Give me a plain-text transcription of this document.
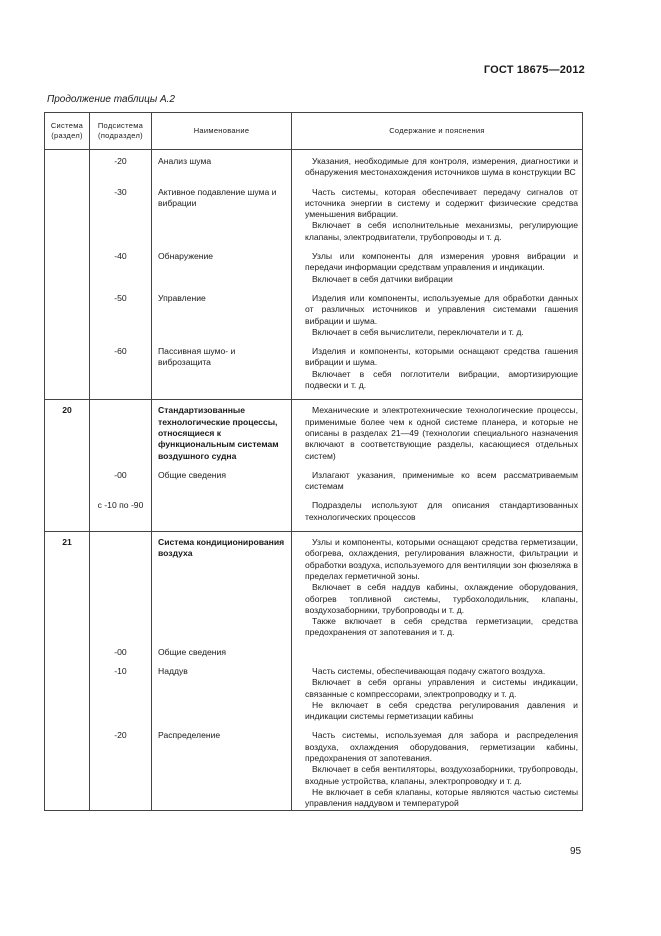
ГОСТ 18675—2012
Продолжение таблицы А.2
Система (раздел)	Подсистема (подраздел)	Наименование	Содержание и пояснения
	-20	Анализ шума	Указания, необходимые для контроля, измерения, диагностики и обнаружения местонахождения источников шума в конструкции ВС

	-30	Активное подавление шума и вибрации	Часть системы, которая обеспечивает передачу сигналов от источника энергии в систему и содержит физические средства уменьшения вибрации.

Включает в себя исполнительные механизмы, регулирующие клапаны, электродвигатели, трубопроводы и т. д.

	-40	Обнаружение	Узлы или компоненты для измерения уровня вибрации и передачи информации средствам управления и индикации.

Включает в себя датчики вибрации

	-50	Управление	Изделия или компоненты, используемые для обработки данных от различных источников и управления системами гашения вибрации и шума.

Включает в себя вычислители, переключатели и т. д.

	-60	Пассивная шумо- и виброзащита	Изделия и компоненты, которыми оснащают средства гашения вибрации и шума.

Включает в себя поглотители вибрации, амортизирующие подвески и т. д.

20		Стандартизованные технологические процессы, относящиеся к функциональным системам воздушного судна	Механические и электротехнические технологические процессы, применимые более чем к одной системе планера, и которые не описаны в разделах 21—49 (технологии специального назначения включают в соответствующие разделы, касающиеся отдельных систем)

	-00	Общие сведения	Излагают указания, применимые ко всем рассматриваемым системам

	с -10 по -90		Подразделы используют для описания стандартизованных технологических процессов

21		Система кондиционирования воздуха	Узлы и компоненты, которыми оснащают средства герметизации, обогрева, охлаждения, регулирования влажности, фильтрации и обработки воздуха, используемого для вентиляции зон фюзеляжа в пределах герметичной зоны.

Включает в себя наддув кабины, охлаждение оборудования, обогрев топливной системы, турбохолодильник, клапаны, воздухозаборники, трубопроводы и т. д.

Также включает в себя средства герметизации, средства предохранения от запотевания и т. д.

	-00	Общие сведения	
	-10	Наддув	Часть системы, обеспечивающая подачу сжатого воздуха.

Включает в себя органы управления и системы индикации, связанные с компрессорами, электропроводку и т. д.

Не включает в себя средства регулирования давления и индикации системы герметизации кабины

	-20	Распределение	Часть системы, используемая для забора и распределения воздуха, охлаждения оборудования, герметизации кабины, предохранения от запотевания.

Включает в себя вентиляторы, воздухозаборники, трубопроводы, входные устройства, клапаны, электропроводку и т. д.

Не включает в себя клапаны, которые являются частью системы управления наддувом и температурой

95
